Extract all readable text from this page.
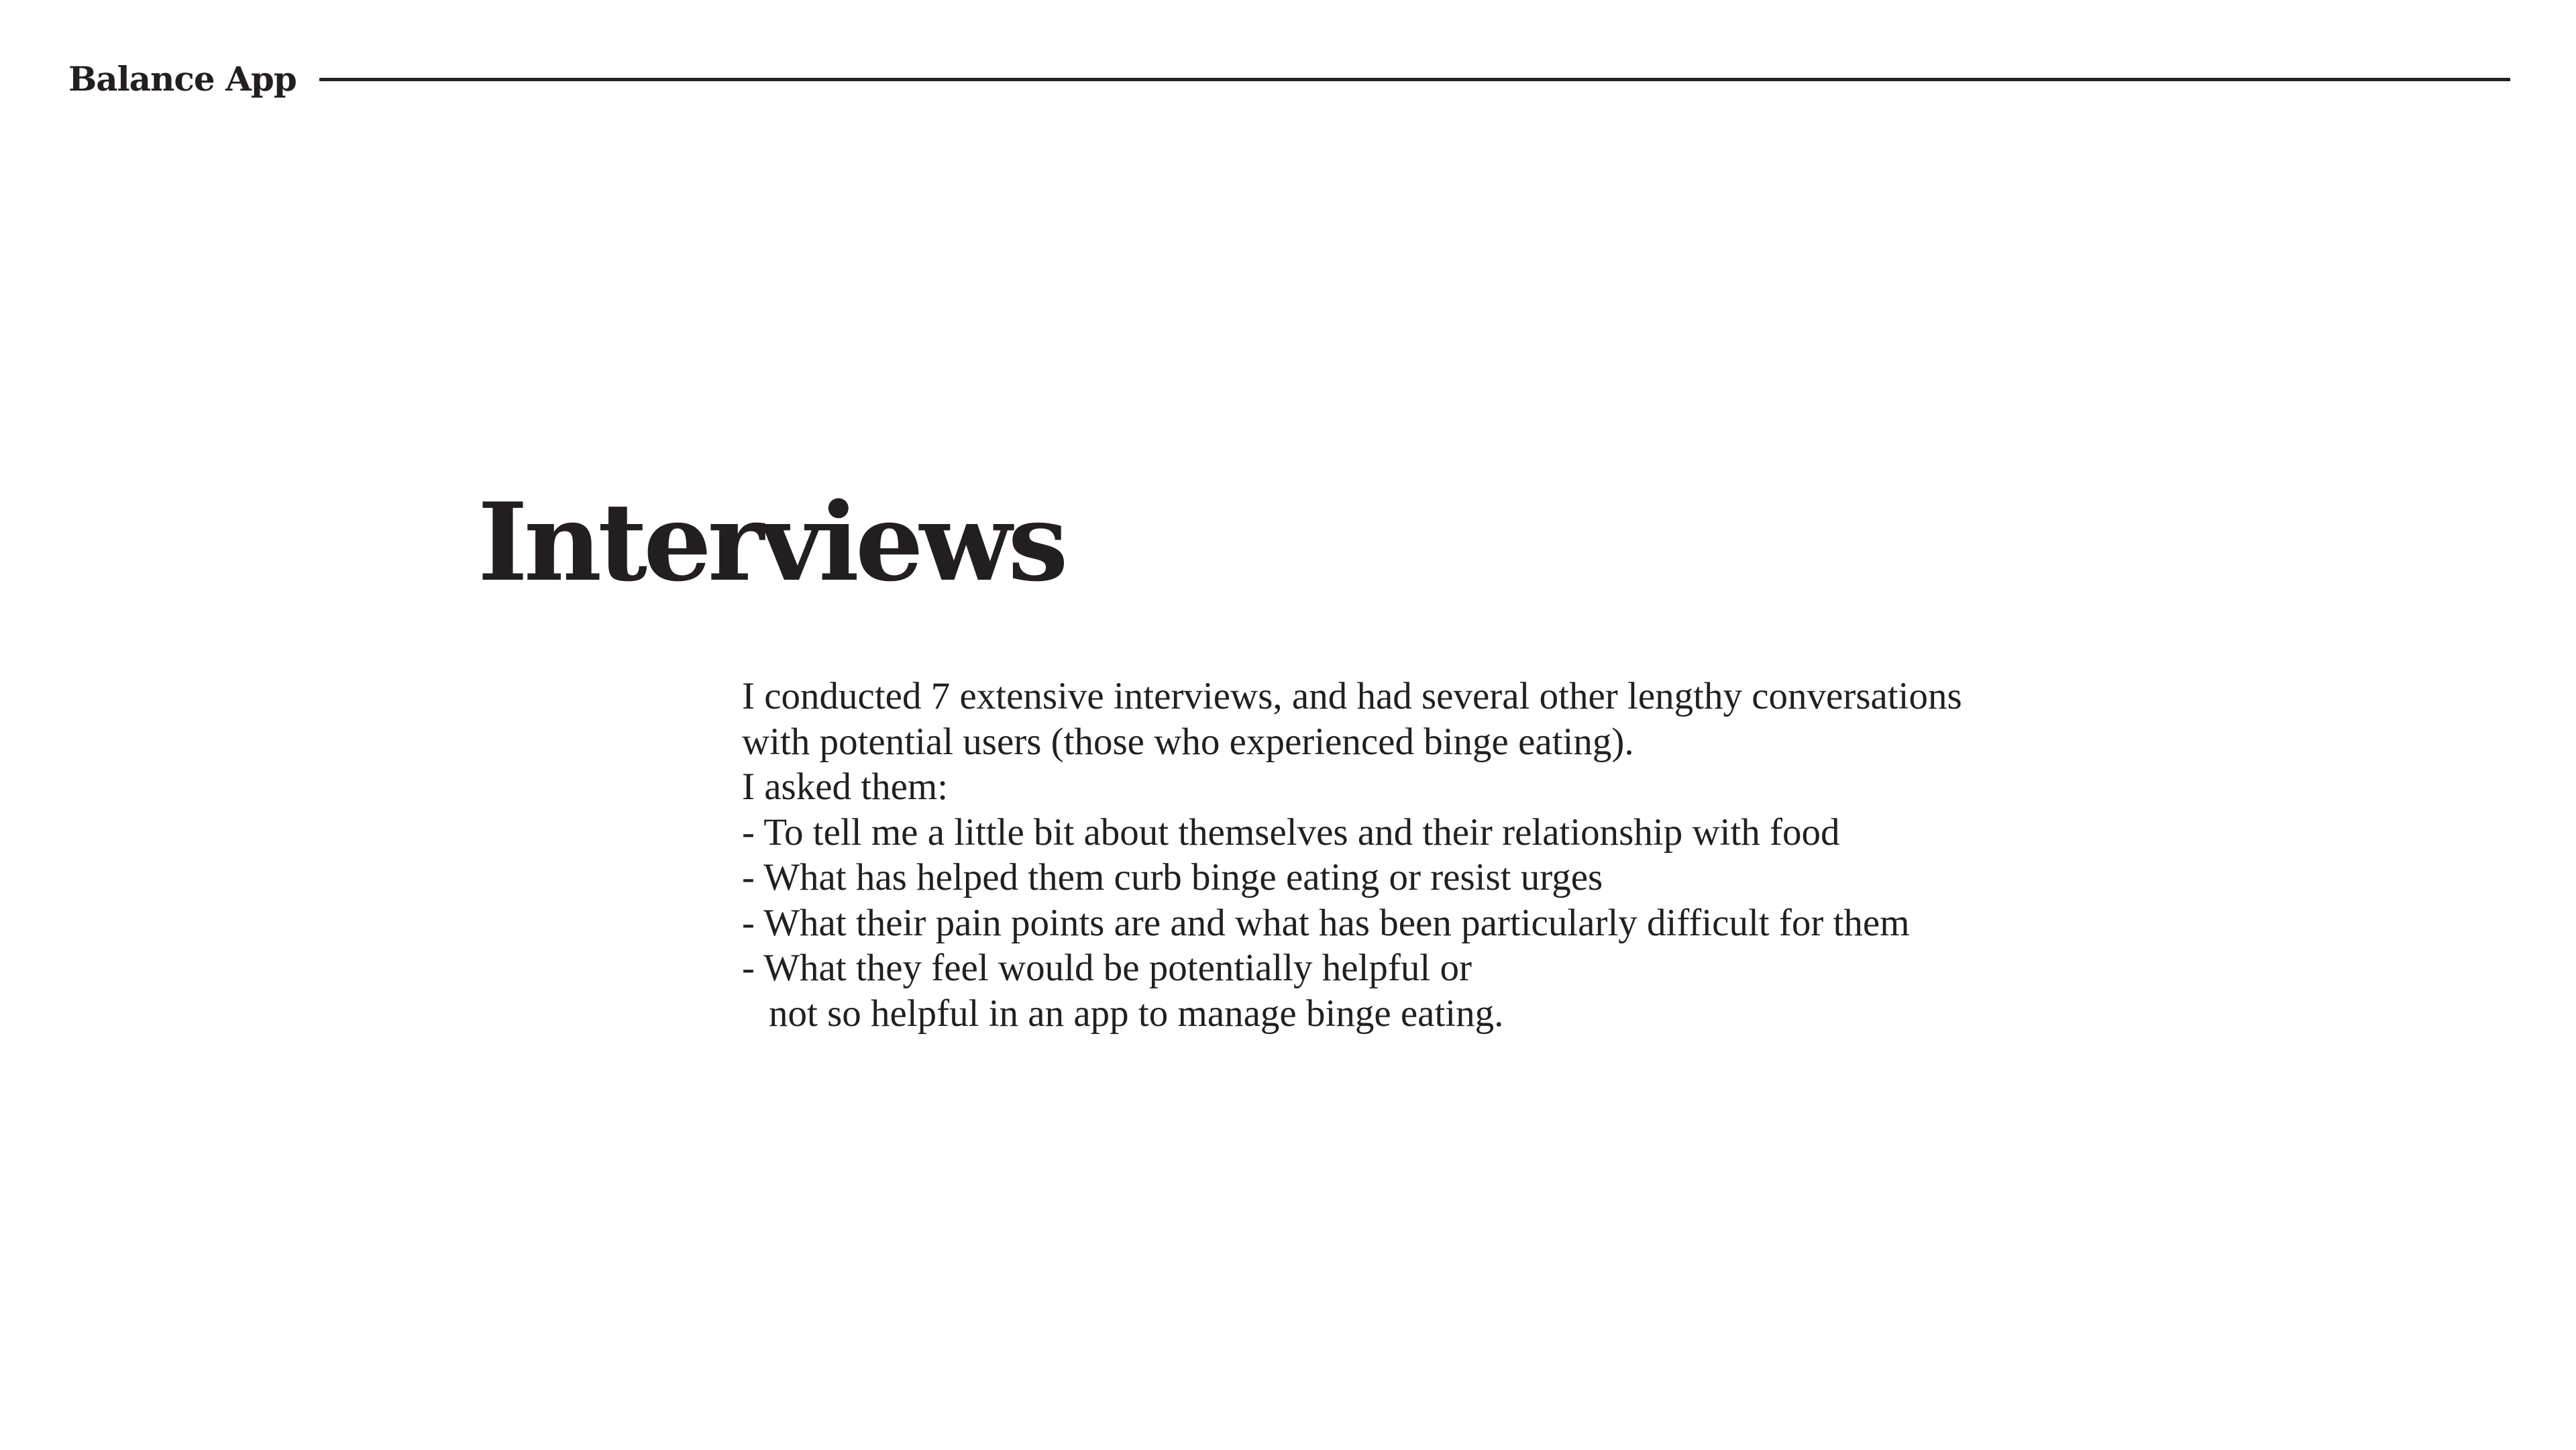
Balance App
Interviews
I conducted 7 extensive interviews, and had several other lengthy conversations
with potential users (those who experienced binge eating).
I asked them:
- To tell me a little bit about themselves and their relationship with food
- What has helped them curb binge eating or resist urges
- What their pain points are and what has been particularly difficult for them
- What they feel would be potentially helpful or
not so helpful in an app to manage binge eating.
